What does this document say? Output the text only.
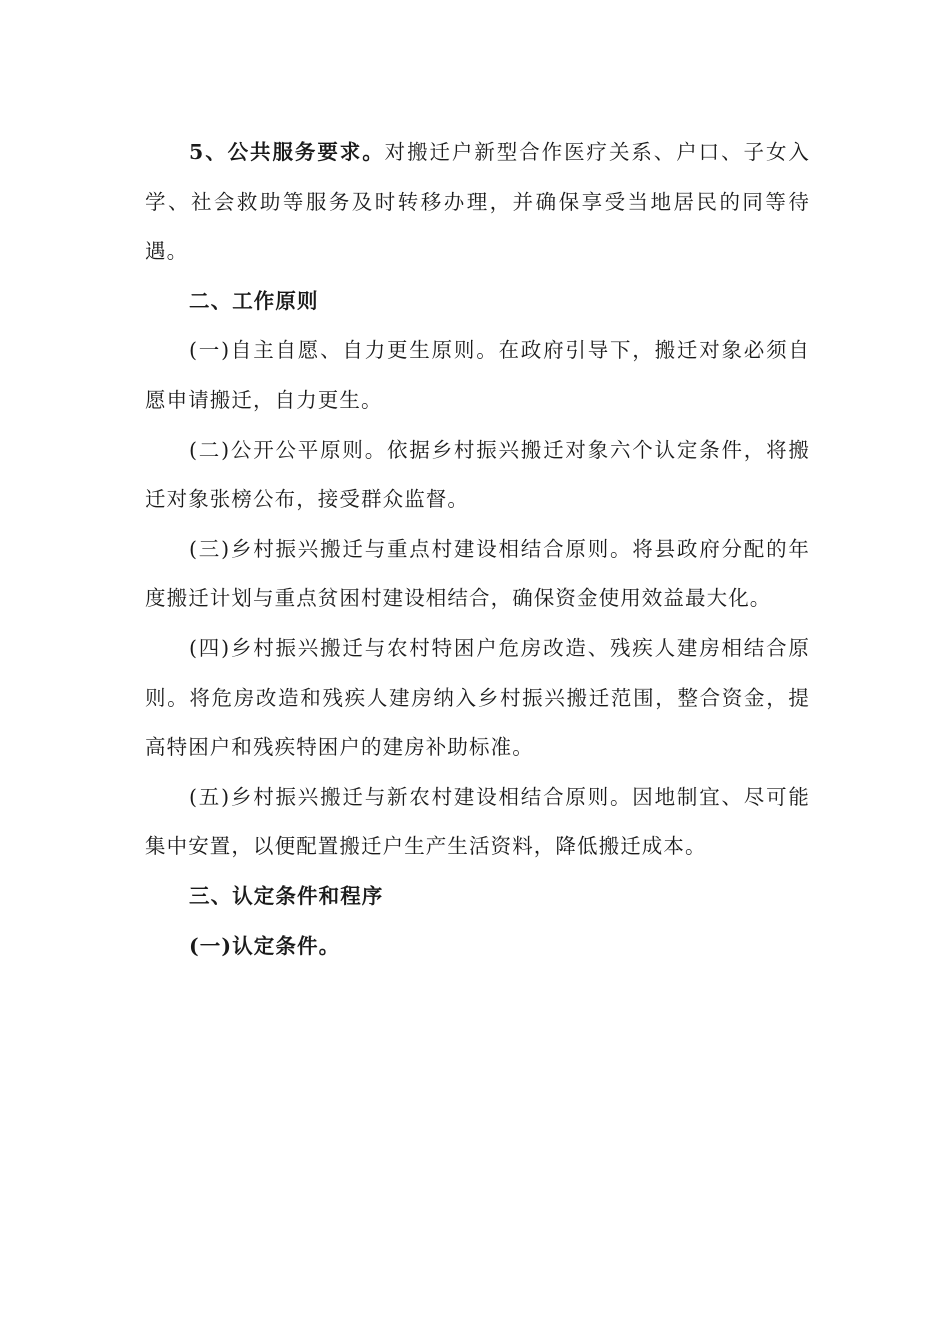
5、公共服务要求。对搬迁户新型合作医疗关系、户口、子女入学、社会救助等服务及时转移办理，并确保享受当地居民的同等待遇。

二、工作原则

(一)自主自愿、自力更生原则。在政府引导下，搬迁对象必须自愿申请搬迁，自力更生。

(二)公开公平原则。依据乡村振兴搬迁对象六个认定条件，将搬迁对象张榜公布，接受群众监督。

(三)乡村振兴搬迁与重点村建设相结合原则。将县政府分配的年度搬迁计划与重点贫困村建设相结合，确保资金使用效益最大化。

(四)乡村振兴搬迁与农村特困户危房改造、残疾人建房相结合原则。将危房改造和残疾人建房纳入乡村振兴搬迁范围，整合资金，提高特困户和残疾特困户的建房补助标准。

(五)乡村振兴搬迁与新农村建设相结合原则。因地制宜、尽可能集中安置，以便配置搬迁户生产生活资料，降低搬迁成本。

三、认定条件和程序

(一)认定条件。
